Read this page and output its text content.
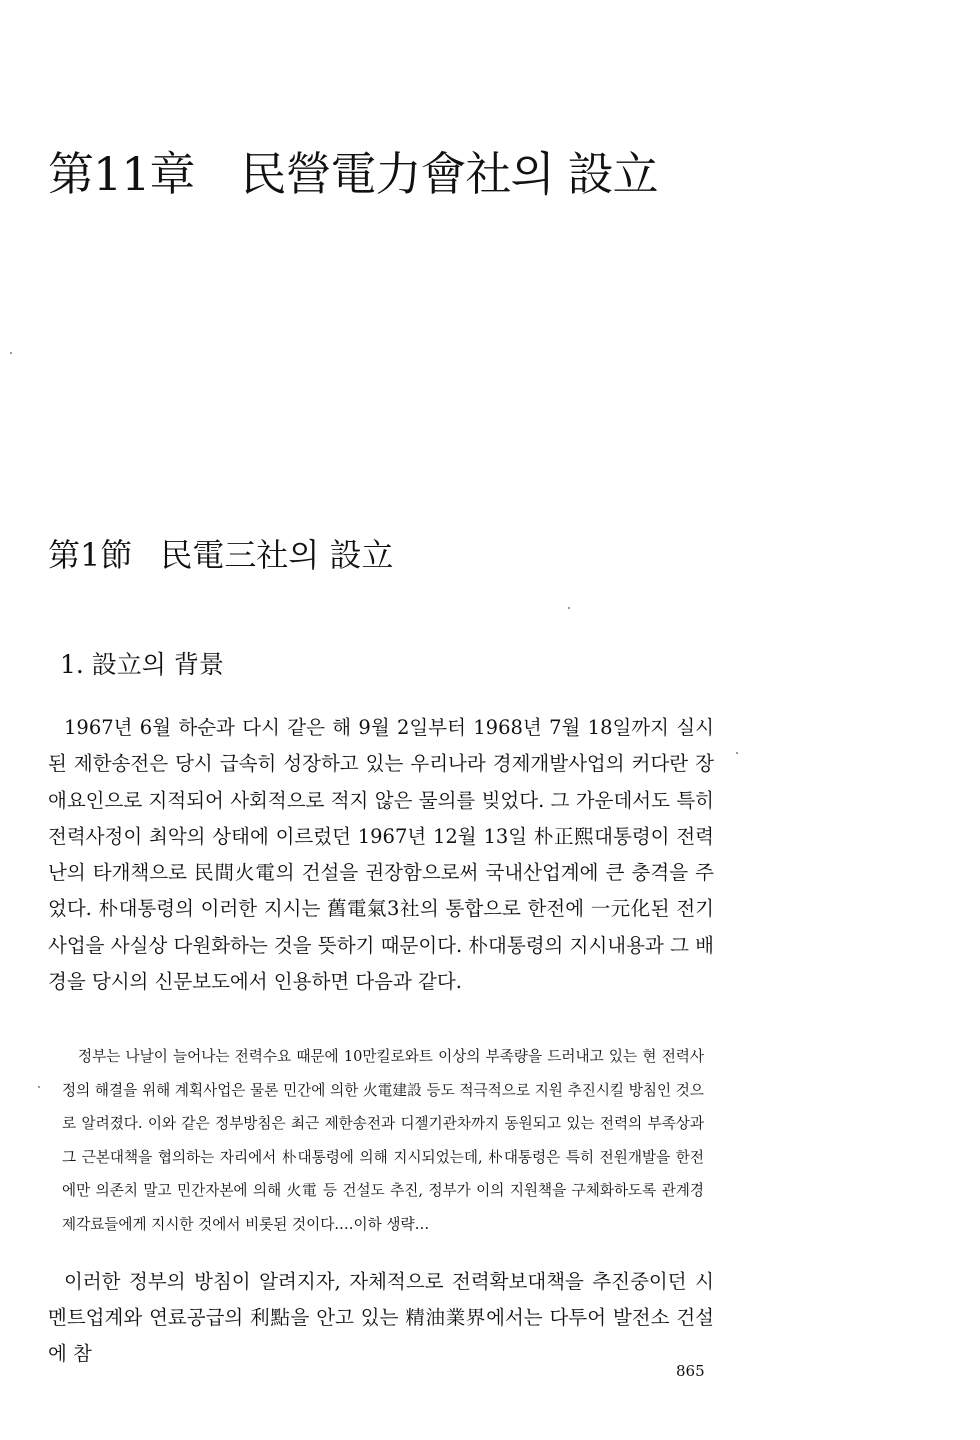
第11章 民營電力會社의 設立
第1節 民電三社의 設立
1. 設立의 背景

1967년 6월 하순과 다시 같은 해 9월 2일부터 1968년 7월 18일까지 실시된 제한송전은 당시 급속히 성장하고 있는 우리나라 경제개발사업의 커다란 장애요인으로 지적되어 사회적으로 적지 않은 물의를 빚었다. 그 가운데서도 특히 전력사정이 최악의 상태에 이르렀던 1967년 12월 13일 朴正熙대통령이 전력난의 타개책으로 民間火電의 건설을 권장함으로써 국내산업계에 큰 충격을 주었다. 朴대통령의 이러한 지시는 舊電氣3社의 통합으로 한전에 一元化된 전기사업을 사실상 다원화하는 것을 뜻하기 때문이다. 朴대통령의 지시내용과 그 배경을 당시의 신문보도에서 인용하면 다음과 같다.

정부는 나날이 늘어나는 전력수요 때문에 10만킬로와트 이상의 부족량을 드러내고 있는 현 전력사정의 해결을 위해 계획사업은 물론 민간에 의한 火電建設 등도 적극적으로 지원 추진시킬 방침인 것으로 알려졌다. 이와 같은 정부방침은 최근 제한송전과 디젤기관차까지 동원되고 있는 전력의 부족상과 그 근본대책을 협의하는 자리에서 朴대통령에 의해 지시되었는데, 朴대통령은 특히 전원개발을 한전에만 의존치 말고 민간자본에 의해 火電 등 건설도 추진, 정부가 이의 지원책을 구체화하도록 관계경제각료들에게 지시한 것에서 비롯된 것이다.…이하 생략…

이러한 정부의 방침이 알려지자, 자체적으로 전력확보대책을 추진중이던 시멘트업계와 연료공급의 利點을 안고 있는 精油業界에서는 다투어 발전소 건설에 참

865
